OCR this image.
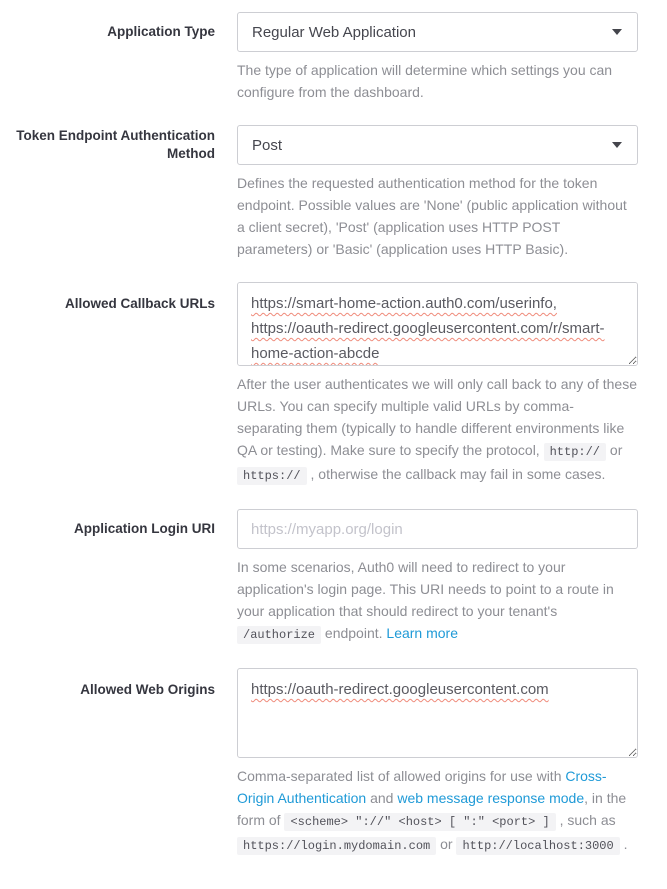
Application Type Regular Web Application

The type of application will determine which settings you can configure from the dashboard.

Token Endpoint Authentication Method Post

Defines the requested authentication method for the token endpoint. Possible values are 'None' (public application without a client secret), 'Post' (application uses HTTP POST parameters) or 'Basic' (application uses HTTP Basic).

Allowed Callback URLs
https://smart-home-action.auth0.com/userinfo, https://oauth-redirect.googleusercontent.com/r/smart-home-action-abcde

After the user authenticates we will only call back to any of these URLs. You can specify multiple valid URLs by comma-separating them (typically to handle different environments like QA or testing). Make sure to specify the protocol, http:// or https:// , otherwise the callback may fail in some cases.

Application Login URI
https://myapp.org/login

In some scenarios, Auth0 will need to redirect to your application's login page. This URI needs to point to a route in your application that should redirect to your tenant's /authorize endpoint. Learn more

Allowed Web Origins
https://oauth-redirect.googleusercontent.com

Comma-separated list of allowed origins for use with Cross-Origin Authentication and web message response mode, in the form of <scheme> "://" <host> [ ":" <port> ] , such as https://login.mydomain.com or http://localhost:3000 .
